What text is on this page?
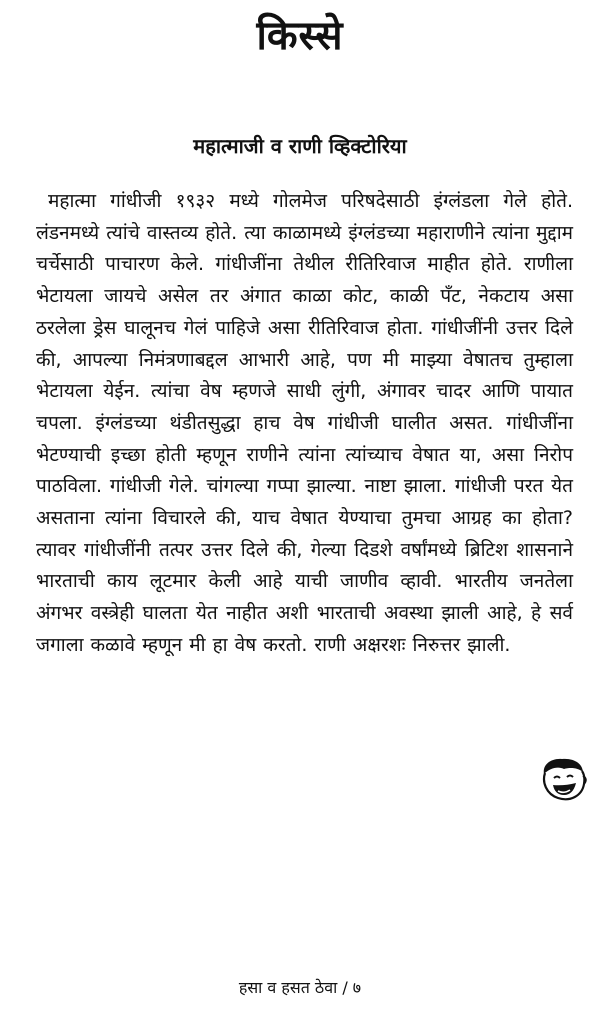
किस्से
महात्माजी व राणी व्हिक्टोरिया

महात्मा गांधीजी १९३२ मध्ये गोलमेज परिषदेसाठी इंग्लंडला गेले होते. लंडनमध्ये त्यांचे वास्तव्य होते. त्या काळामध्ये इंग्लंडच्या महाराणीने त्यांना मुद्दाम चर्चेसाठी पाचारण केले. गांधीजींना तेथील रीतिरिवाज माहीत होते. राणीला भेटायला जायचे असेल तर अंगात काळा कोट, काळी पँट, नेकटाय असा ठरलेला ड्रेस घालूनच गेलं पाहिजे असा रीतिरिवाज होता. गांधीजींनी उत्तर दिले की, आपल्या निमंत्रणाबद्दल आभारी आहे, पण मी माझ्या वेषातच तुम्हाला भेटायला येईन. त्यांचा वेष म्हणजे साधी लुंगी, अंगावर चादर आणि पायात चपला. इंग्लंडच्या थंडीतसुद्धा हाच वेष गांधीजी घालीत असत. गांधीजींना भेटण्याची इच्छा होती म्हणून राणीने त्यांना त्यांच्याच वेषात या, असा निरोप पाठविला. गांधीजी गेले. चांगल्या गप्पा झाल्या. नाष्टा झाला. गांधीजी परत येत असताना त्यांना विचारले की, याच वेषात येण्याचा तुमचा आग्रह का होता? त्यावर गांधीजींनी तत्पर उत्तर दिले की, गेल्या दिडशे वर्षांमध्ये ब्रिटिश शासनाने भारताची काय लूटमार केली आहे याची जाणीव व्हावी. भारतीय जनतेला अंगभर वस्त्रेही घालता येत नाहीत अशी भारताची अवस्था झाली आहे, हे सर्व जगाला कळावे म्हणून मी हा वेष करतो. राणी अक्षरशः निरुत्तर झाली.

हसा व हसत ठेवा / ७
